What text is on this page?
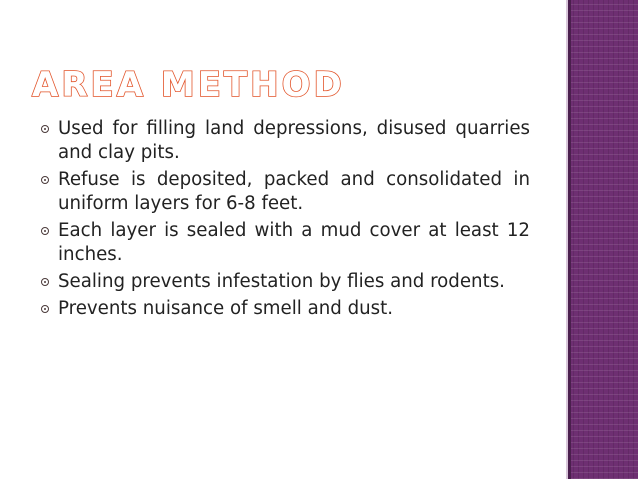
AREA METHOD
Used for filling land depressions, disused quarries and clay pits.
Refuse is deposited, packed and consolidated in uniform layers for 6-8 feet.
Each layer is sealed with a mud cover at least 12 inches.
Sealing prevents infestation by flies and rodents.
Prevents nuisance of smell and dust.
